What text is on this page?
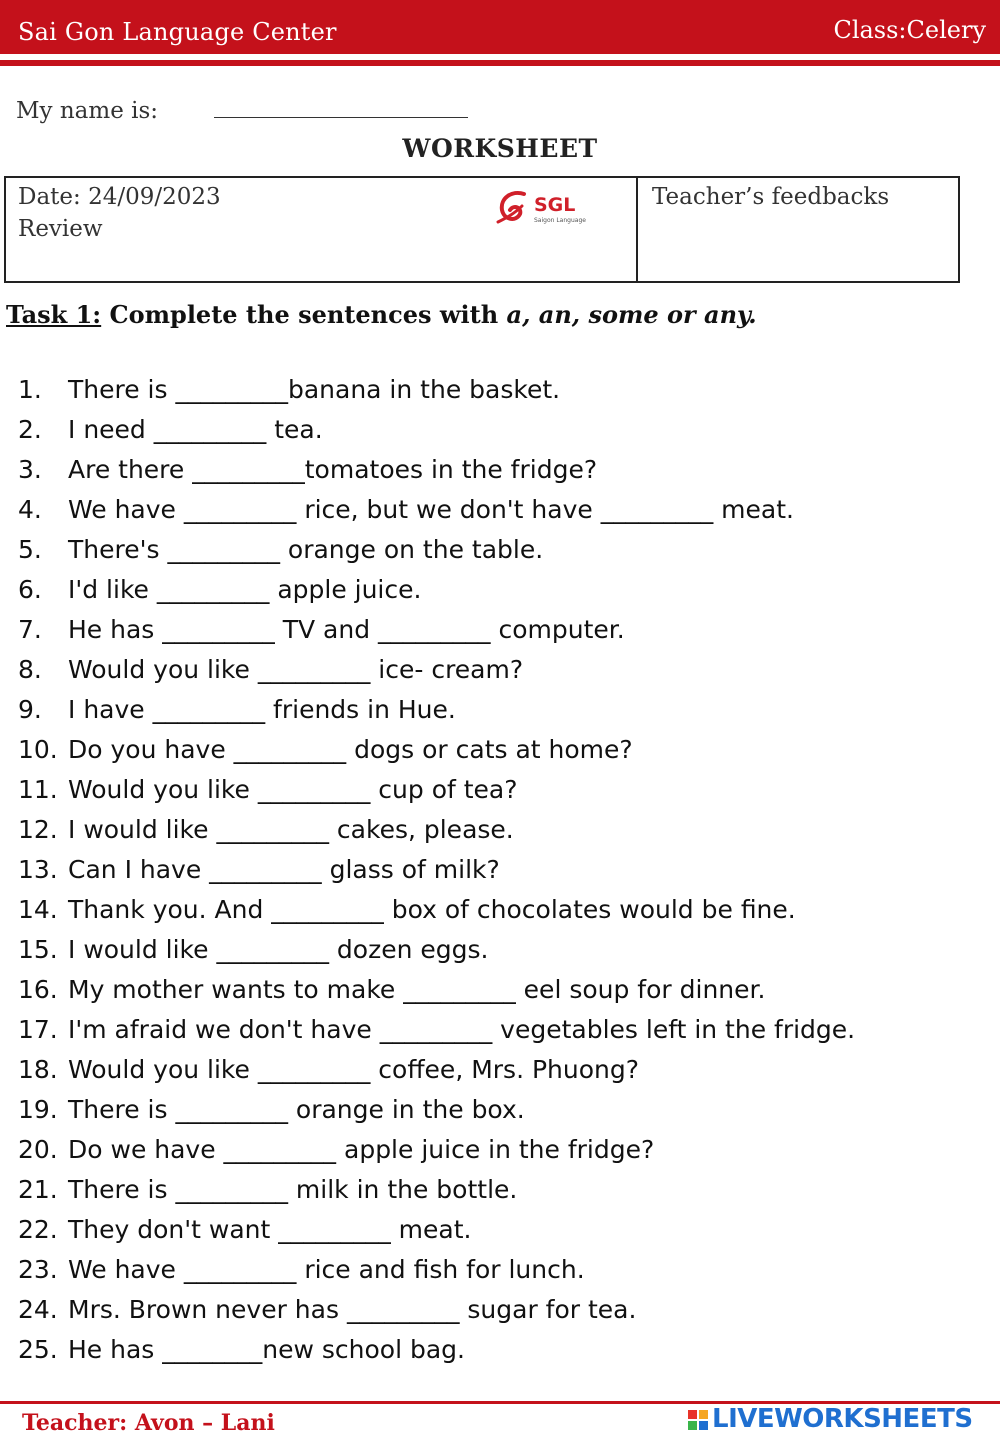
Sai Gon Language Center	Class:Celery
My name is:
WORKSHEET
Date: 24/09/2023
Review
SGL
Saigon Language
Teacher’s feedbacks
Task 1: Complete the sentences with a, an, some or any.
1. There is _________banana in the basket.
2. I need _________ tea.
3. Are there _________tomatoes in the fridge?
4. We have _________ rice, but we don't have _________ meat.
5. There's _________ orange on the table.
6. I'd like _________ apple juice.
7. He has _________ TV and _________ computer.
8. Would you like _________ ice- cream?
9. I have _________ friends in Hue.
10. Do you have _________ dogs or cats at home?
11. Would you like _________ cup of tea?
12. I would like _________ cakes, please.
13. Can I have _________ glass of milk?
14. Thank you. And _________ box of chocolates would be fine.
15. I would like _________ dozen eggs.
16. My mother wants to make _________ eel soup for dinner.
17. I'm afraid we don't have _________ vegetables left in the fridge.
18. Would you like _________ coffee, Mrs. Phuong?
19. There is _________ orange in the box.
20. Do we have _________ apple juice in the fridge?
21. There is _________ milk in the bottle.
22. They don't want _________ meat.
23. We have _________ rice and fish for lunch.
24. Mrs. Brown never has _________ sugar for tea.
25. He has ________new school bag.
Teacher: Avon – Lani	LIVEWORKSHEETS
